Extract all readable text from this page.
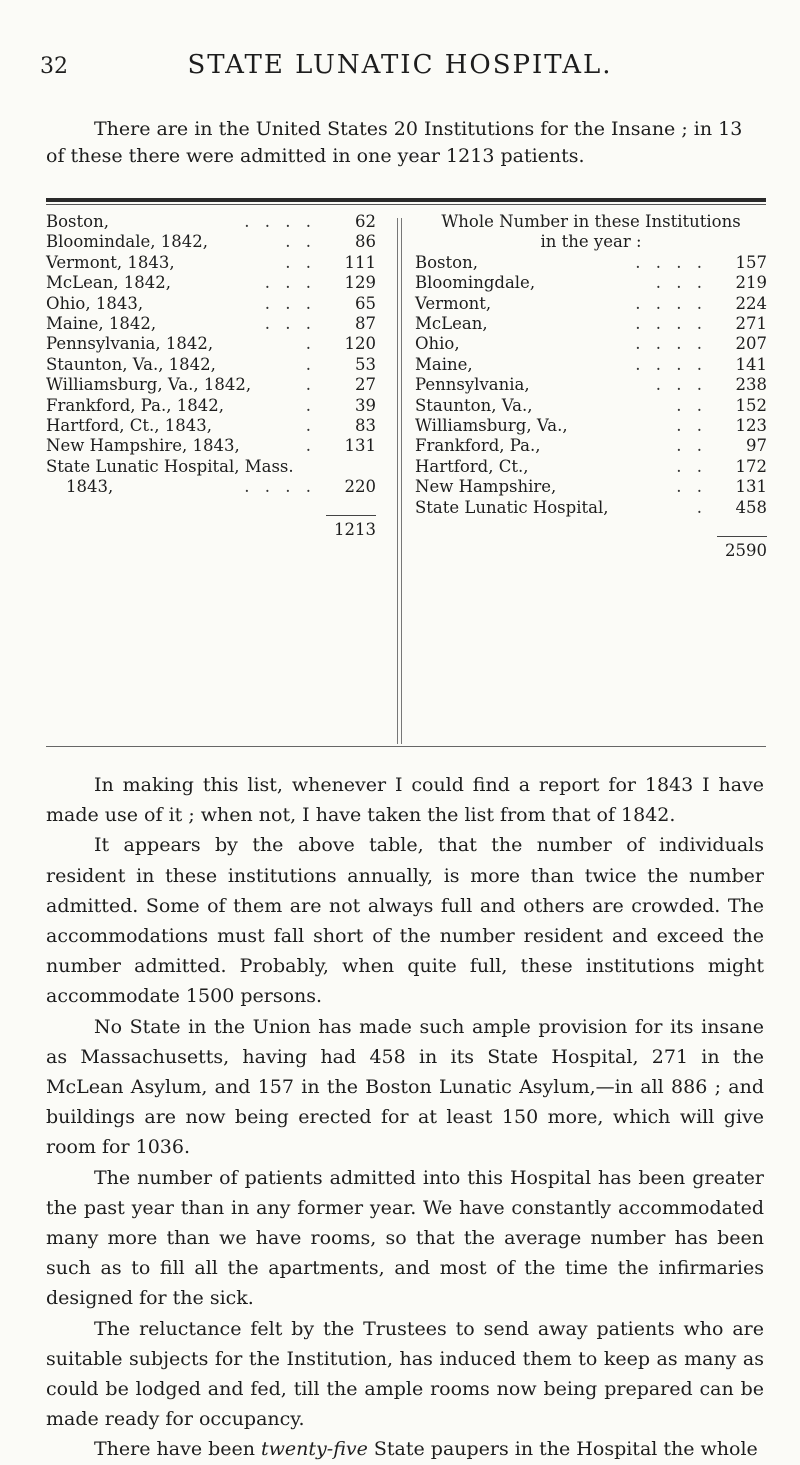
32	STATE LUNATIC HOSPITAL.

There are in the United States 20 Institutions for the Insane ; in 13 of these there were admitted in one year 1213 patients.

Boston,	. . . . 62
Bloomindale, 1842,	. . 86
Vermont, 1843,	. . 111
McLean, 1842,	. . . 129
Ohio, 1843,	. . . 65
Maine, 1842,	. . . 87
Pennsylvania, 1842,	. 120
Staunton, Va., 1842,	. 53
Williamsburg, Va., 1842,	. 27
Frankford, Pa., 1842,	. 39
Hartford, Ct., 1843,	. 83
New Hampshire, 1843,	. 131
State Lunatic Hospital, Mass.
1843,	. . . . 220
1213
Whole Number in these Institutions
in the year :
Boston,	. . . . 157
Bloomingdale,	. . . 219
Vermont,	. . . . 224
McLean,	. . . . 271
Ohio,	. . . . 207
Maine,	. . . . 141
Pennsylvania,	. . . 238
Staunton, Va.,	. . 152
Williamsburg, Va.,	. . 123
Frankford, Pa.,	. . 97
Hartford, Ct.,	. . 172
New Hampshire,	. . 131
State Lunatic Hospital,	. 458
2590

In making this list, whenever I could find a report for 1843 I have made use of it ; when not, I have taken the list from that of 1842.

It appears by the above table, that the number of individuals resident in these institutions annually, is more than twice the number admitted. Some of them are not always full and others are crowded. The accommodations must fall short of the number resident and exceed the number admitted. Probably, when quite full, these institutions might accommodate 1500 persons.

No State in the Union has made such ample provision for its insane as Massachusetts, having had 458 in its State Hospital, 271 in the McLean Asylum, and 157 in the Boston Lunatic Asylum,—in all 886 ; and buildings are now being erected for at least 150 more, which will give room for 1036.

The number of patients admitted into this Hospital has been greater the past year than in any former year. We have constantly accommodated many more than we have rooms, so that the average number has been such as to fill all the apartments, and most of the time the infirmaries designed for the sick.

The reluctance felt by the Trustees to send away patients who are suitable subjects for the Institution, has induced them to keep as many as could be lodged and fed, till the ample rooms now being prepared can be made ready for occupancy.

There have been twenty-five State paupers in the Hospital the whole
